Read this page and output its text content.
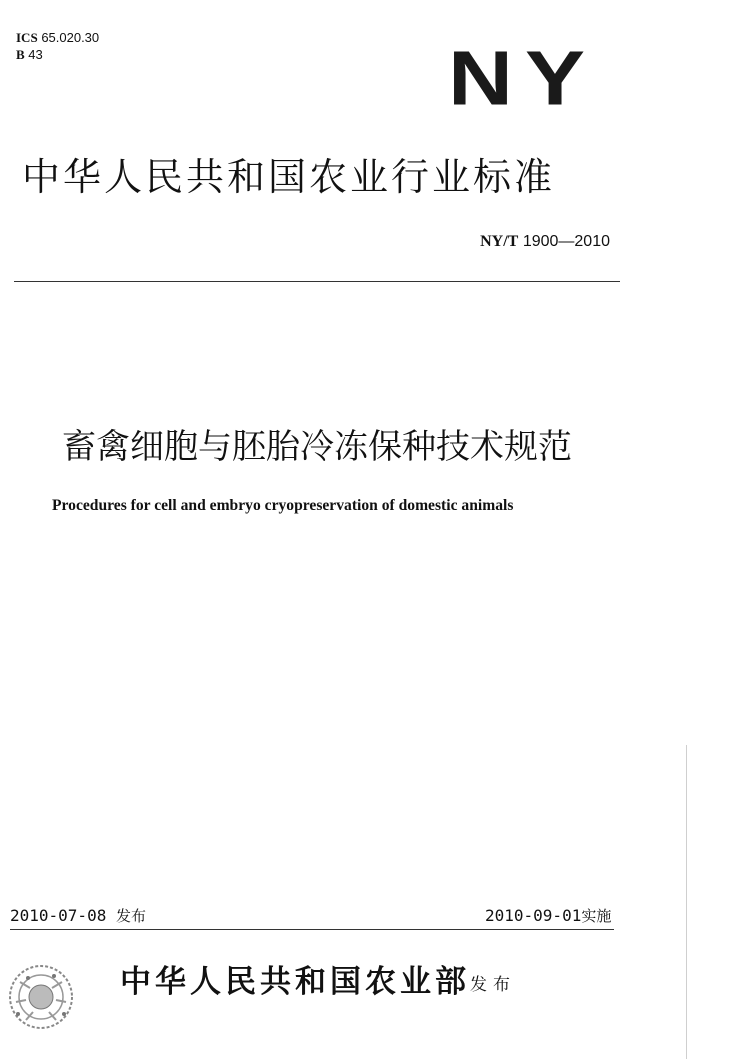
ICS 65.020.30
B 43	NY
中华人民共和国农业行业标准
NY/T 1900—2010
畜禽细胞与胚胎冷冻保种技术规范
Procedures for cell and embryo cryopreservation of domestic animals
2010-07-08 发布	2010-09-01实施
中华人民共和国农业部 发布
